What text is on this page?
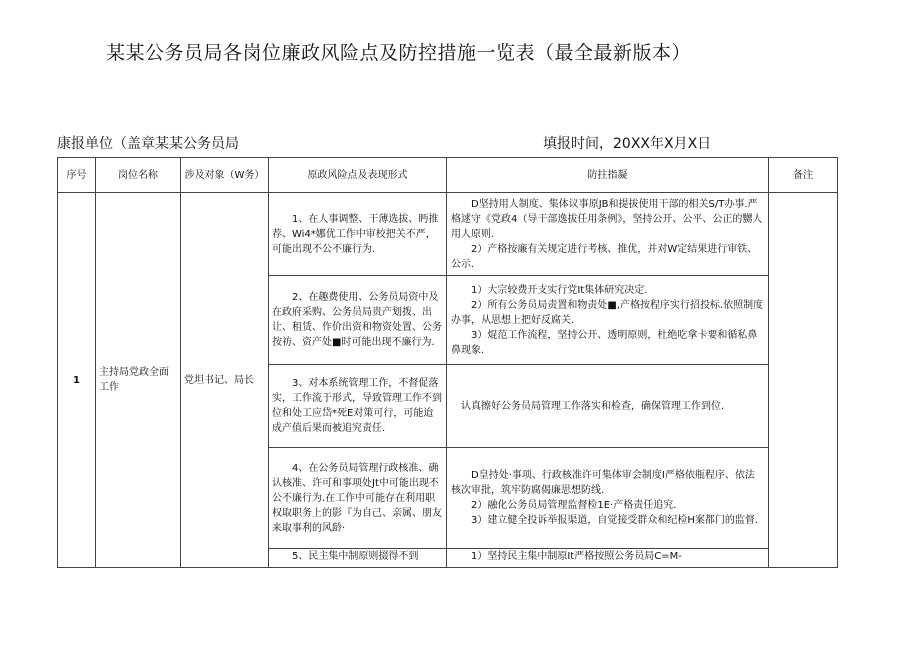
某某公务员局各岗位廉政风险点及防控措施一览表（最全最新版本）
康报单位（盖章某某公务员局	填报时间，20XX年X月X日
序号	岗位名称	涉及对象（W务）	原政风险点及表现形式	防拄指凝	备注
1	主持局党政全面工作	党坦书记、局长	1、在人事调整、干薄选拔、眄推荐、Wi4*娜优工作中审校把关不严，可能出现不公不廉行为.	D坚持用人制度、集体议事原JB和提拔使用干部的相关S/T办事.严格逑守《党政4（导干部逸拔任用条例》，坚持公开、公平、公正的嬲人用人原则.

2）产格按廉有关规定进行考核、推优，并对W定结果进行审铁、公示.	

			2、在趣费使用、公务员局资中及在政府采购、公务员局贵产划拨、出让、租赁、作价出资和物资处置、公务按祊、资产处■时可能出现不廉行为.	1）大宗较费开支实行党It集体研究决定.

2）所有公务员局责置和物责处■,产格按程序实行招投标.依照制度办事，从思想上把好反腐关.

3）焜范工作流程，坚持公开、透明原则，杜绝吃拿卡要和循私鼻鼻现象.	

			3、对本系统管理工作，不督促落实，工作流于形式，导致管理工作不到位和处工应岱*死E对策可行，可能迨成产值后果而被追究责任.	认真擦好公务员局管理工作落实和检查，确保管理工作到位.	

			4、在公务员局管理行政核准、确认核准、许可和事项处Jt中可能出现不公不廉行为.在工作中可能存在利用职权取职务上的影『为自己、亲属、朋友来取事利的风龄·	D皇持处·事项、行政核准许可集体审会制度I严格依瓶程序、依法核次审批，筑牢防腐偈廉思想防线.

2）融化公务员局管理监督检1E·产格责任追究.

3）建立健全投诉举报渠道，自觉接受群众和纪检H案都门的监督.	

			5、民主集中制原则掇得不到	1）坚持民主集中制原It严格按照公务员局C=M-	
